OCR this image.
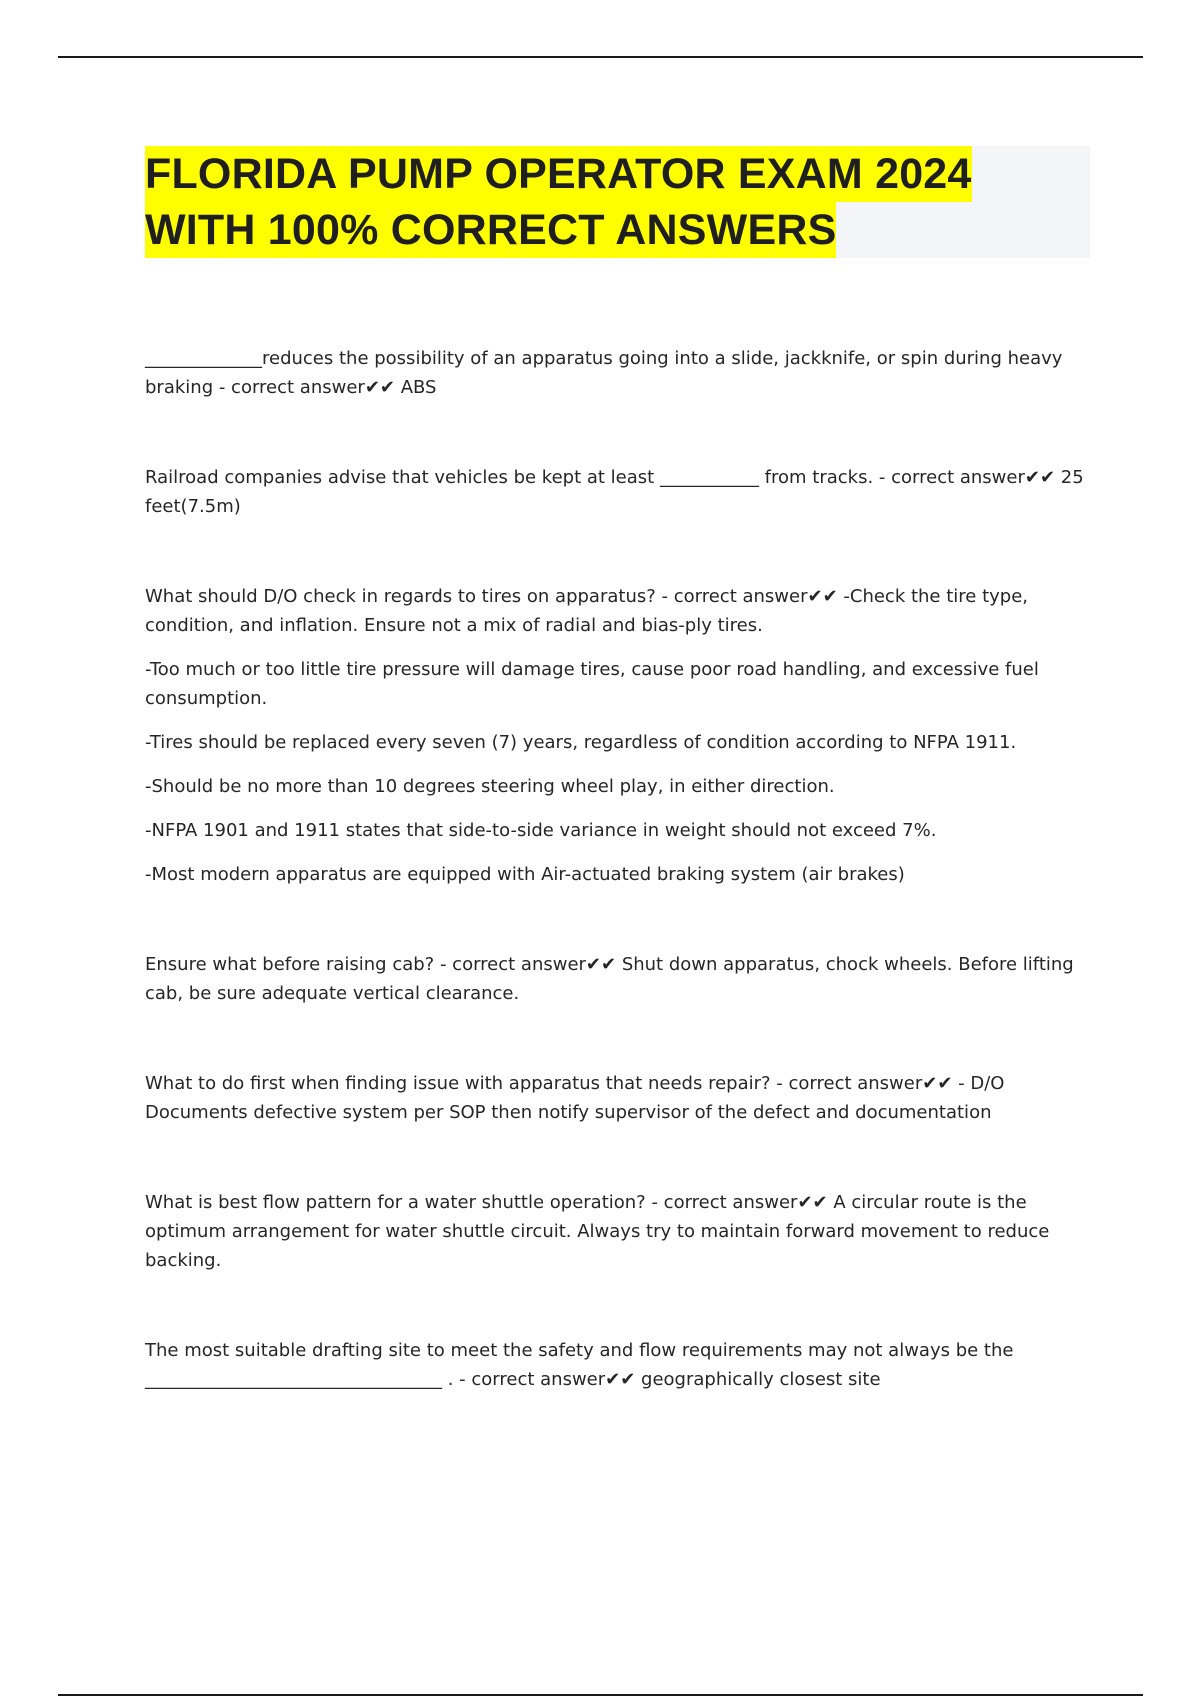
FLORIDA PUMP OPERATOR EXAM 2024
WITH 100% CORRECT ANSWERS

_____________reduces the possibility of an apparatus going into a slide, jackknife, or spin during heavy braking - correct answer✔✔ ABS

Railroad companies advise that vehicles be kept at least ___________ from tracks. - correct answer✔✔ 25 feet(7.5m)

What should D/O check in regards to tires on apparatus? - correct answer✔✔ -Check the tire type, condition, and inflation. Ensure not a mix of radial and bias-ply tires.

-Too much or too little tire pressure will damage tires, cause poor road handling, and excessive fuel consumption.

-Tires should be replaced every seven (7) years, regardless of condition according to NFPA 1911.

-Should be no more than 10 degrees steering wheel play, in either direction.

-NFPA 1901 and 1911 states that side-to-side variance in weight should not exceed 7%.

-Most modern apparatus are equipped with Air-actuated braking system (air brakes)

Ensure what before raising cab? - correct answer✔✔ Shut down apparatus, chock wheels. Before lifting cab, be sure adequate vertical clearance.

What to do first when finding issue with apparatus that needs repair? - correct answer✔✔ - D/O Documents defective system per SOP then notify supervisor of the defect and documentation

What is best flow pattern for a water shuttle operation? - correct answer✔✔ A circular route is the optimum arrangement for water shuttle circuit. Always try to maintain forward movement to reduce backing.

The most suitable drafting site to meet the safety and flow requirements may not always be the _________________________________ . - correct answer✔✔ geographically closest site
